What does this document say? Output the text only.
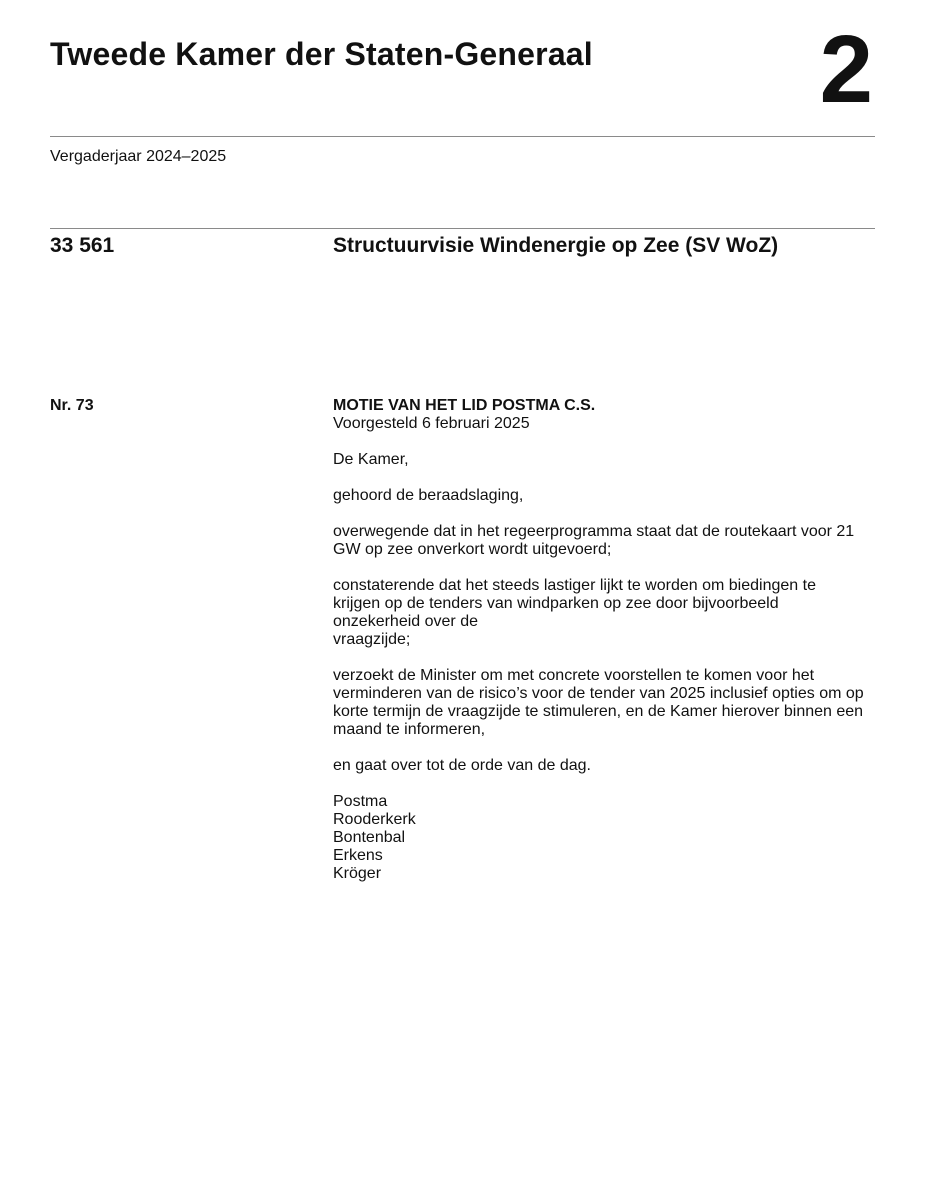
Tweede Kamer der Staten-Generaal 2
Vergaderjaar 2024–2025
33 561	Structuurvisie Windenergie op Zee (SV WoZ)
Nr. 73	MOTIE VAN HET LID POSTMA C.S.

Voorgesteld 6 februari 2025

De Kamer,

gehoord de beraadslaging,

overwegende dat in het regeerprogramma staat dat de routekaart voor 21 GW op zee onverkort wordt uitgevoerd;

constaterende dat het steeds lastiger lijkt te worden om biedingen te
krijgen op de tenders van windparken op zee door bijvoorbeeld
onzekerheid over de
vraagzijde;

verzoekt de Minister om met concrete voorstellen te komen voor het verminderen van de risico’s voor de tender van 2025 inclusief opties om op korte termijn de vraagzijde te stimuleren, en de Kamer hierover binnen een maand te informeren,

en gaat over tot de orde van de dag.

Postma
Rooderkerk
Bontenbal
Erkens
Kröger
